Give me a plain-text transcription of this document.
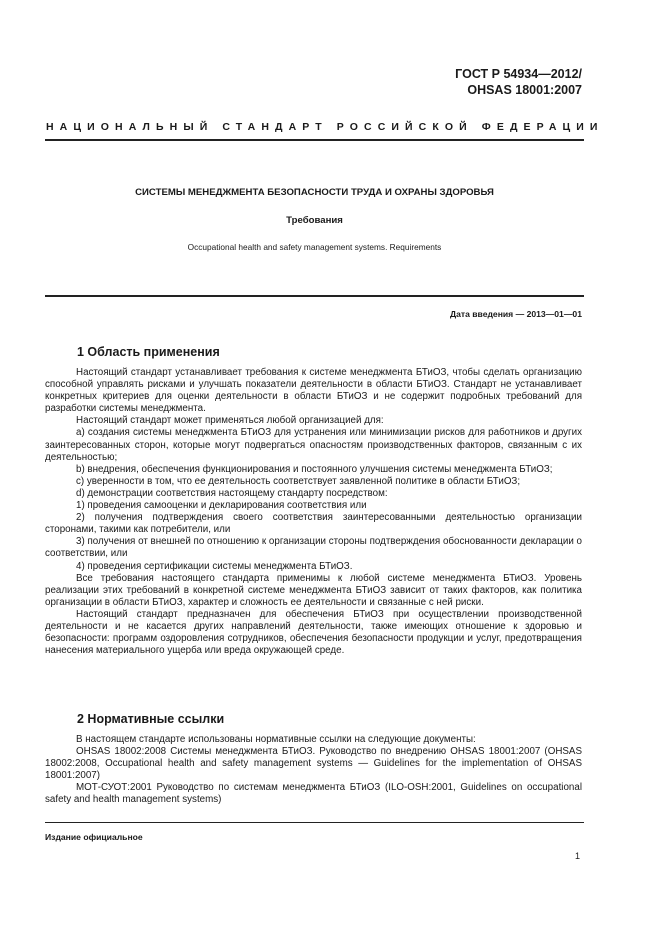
ГОСТ Р 54934—2012/
OHSAS 18001:2007
НАЦИОНАЛЬНЫЙ СТАНДАРТ РОССИЙСКОЙ ФЕДЕРАЦИИ
СИСТЕМЫ МЕНЕДЖМЕНТА БЕЗОПАСНОСТИ ТРУДА И ОХРАНЫ ЗДОРОВЬЯ
Требования
Occupational health and safety management systems. Requirements
Дата введения — 2013—01—01
1 Область применения

Настоящий стандарт устанавливает требования к системе менеджмента БТиОЗ, чтобы сделать организацию способной управлять рисками и улучшать показатели деятельности в области БТиОЗ. Стандарт не устанавливает конкретных критериев для оценки деятельности в области БТиОЗ и не содержит подробных требований для разработки системы менеджмента.

Настоящий стандарт может применяться любой организацией для:

а) создания системы менеджмента БТиОЗ для устранения или минимизации рисков для работников и других заинтересованных сторон, которые могут подвергаться опасностям производственных факторов, связанным с их деятельностью;

b) внедрения, обеспечения функционирования и постоянного улучшения системы менеджмента БТиОЗ;

c) уверенности в том, что ее деятельность соответствует заявленной политике в области БТиОЗ;

d) демонстрации соответствия настоящему стандарту посредством:

1) проведения самооценки и декларирования соответствия или

2) получения подтверждения своего соответствия заинтересованными деятельностью организации сторонами, такими как потребители, или

3) получения от внешней по отношению к организации стороны подтверждения обоснованности декларации о соответствии, или

4) проведения сертификации системы менеджмента БТиОЗ.

Все требования настоящего стандарта применимы к любой системе менеджмента БТиОЗ. Уровень реализации этих требований в конкретной системе менеджмента БТиОЗ зависит от таких факторов, как политика организации в области БТиОЗ, характер и сложность ее деятельности и связанные с ней риски.

Настоящий стандарт предназначен для обеспечения БТиОЗ при осуществлении производственной деятельности и не касается других направлений деятельности, также имеющих отношение к здоровью и безопасности: программ оздоровления сотрудников, обеспечения безопасности продукции и услуг, предотвращения нанесения материального ущерба или вреда окружающей среде.

2 Нормативные ссылки

В настоящем стандарте использованы нормативные ссылки на следующие документы:

OHSAS 18002:2008 Системы менеджмента БТиОЗ. Руководство по внедрению OHSAS 18001:2007 (OHSAS 18002:2008, Occupational health and safety management systems — Guidelines for the implementation of OHSAS 18001:2007)

МОТ-СУОТ:2001 Руководство по системам менеджмента БТиОЗ (ILO-OSH:2001, Guidelines on occupational safety and health management systems)

Издание официальное
1
